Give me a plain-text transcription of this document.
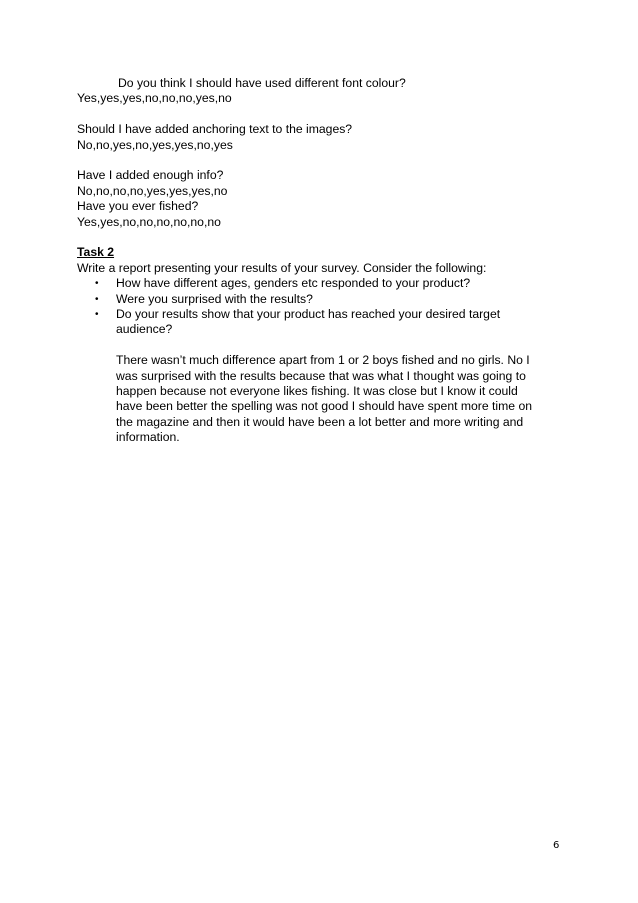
Do you think I should have used different font colour?
Yes,yes,yes,no,no,no,yes,no
Should I have added anchoring text to the images?
No,no,yes,no,yes,yes,no,yes
Have I added enough info?
No,no,no,no,yes,yes,yes,no
Have you ever fished?
Yes,yes,no,no,no,no,no,no
Task 2
Write a report presenting your results of your survey. Consider the following:
• How have different ages, genders etc responded to your product?
• Were you surprised with the results?
• Do your results show that your product has reached your desired target
audience?
There wasn’t much difference apart from 1 or 2 boys fished and no girls. No I
was surprised with the results because that was what I thought was going to
happen because not everyone likes fishing. It was close but I know it could
have been better the spelling was not good I should have spent more time on
the magazine and then it would have been a lot better and more writing and
information.
6
